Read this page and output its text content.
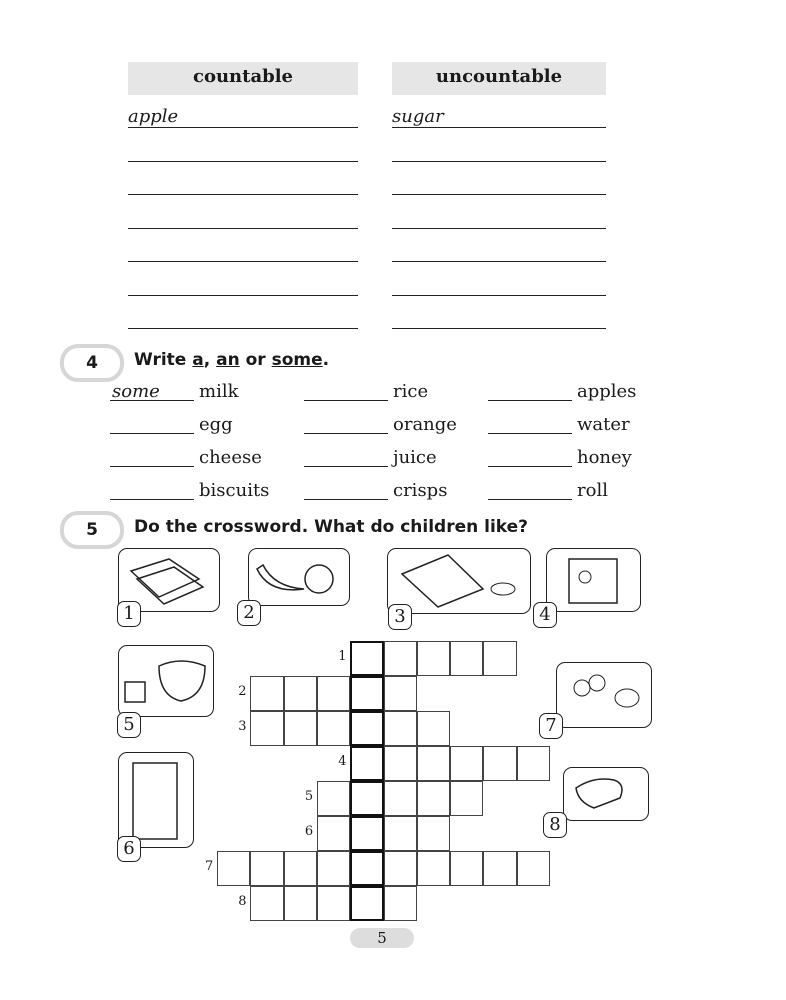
countable	uncountable
apple	sugar
4	Write a, an or some.
some milk	rice	apples
egg	orange	water
cheese	juice	honey
biscuits	crisps	roll
5	Do the crossword. What do children like?
1	2	3	4
5	7
6
8
1
2
3
4
5
6
7
8
5
